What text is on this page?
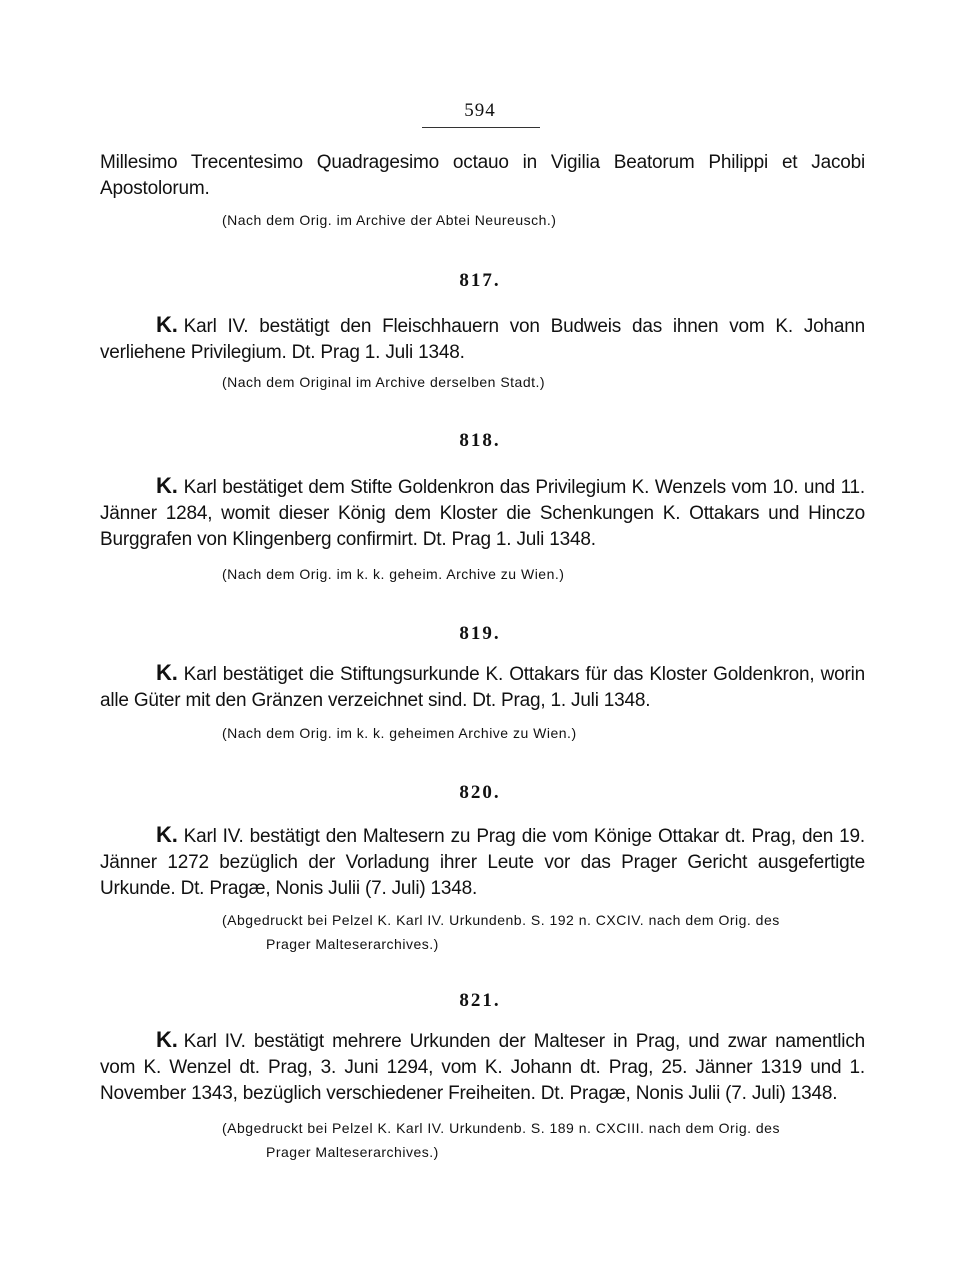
594
Millesimo Trecentesimo Quadragesimo octauo in Vigilia Beatorum Philippi et Jacobi Apostolorum.
(Nach dem Orig. im Archive der Abtei Neureusch.)
817.
K. Karl IV. bestätigt den Fleischhauern von Budweis das ihnen vom K. Johann verliehene Privilegium. Dt. Prag 1. Juli 1348.
(Nach dem Original im Archive derselben Stadt.)
818.
K. Karl bestätiget dem Stifte Goldenkron das Privilegium K. Wenzels vom 10. und 11. Jänner 1284, womit dieser König dem Kloster die Schenkungen K. Ottakars und Hinczo Burggrafen von Klingenberg confirmirt. Dt. Prag 1. Juli 1348.
(Nach dem Orig. im k. k. geheim. Archive zu Wien.)
819.
K. Karl bestätiget die Stiftungsurkunde K. Ottakars für das Kloster Goldenkron, worin alle Güter mit den Gränzen verzeichnet sind. Dt. Prag, 1. Juli 1348.
(Nach dem Orig. im k. k. geheimen Archive zu Wien.)
820.
K. Karl IV. bestätigt den Maltesern zu Prag die vom Könige Ottakar dt. Prag, den 19. Jänner 1272 bezüglich der Vorladung ihrer Leute vor das Prager Gericht ausgefertigte Urkunde. Dt. Pragæ, Nonis Julii (7. Juli) 1348.
(Abgedruckt bei Pelzel K. Karl IV. Urkundenb. S. 192 n. CXCIV. nach dem Orig. des
Prager Malteserarchives.)
821.
K. Karl IV. bestätigt mehrere Urkunden der Malteser in Prag, und zwar namentlich vom K. Wenzel dt. Prag, 3. Juni 1294, vom K. Johann dt. Prag, 25. Jänner 1319 und 1. November 1343, bezüglich verschiedener Freiheiten. Dt. Pragæ, Nonis Julii (7. Juli) 1348.
(Abgedruckt bei Pelzel K. Karl IV. Urkundenb. S. 189 n. CXCIII. nach dem Orig. des
Prager Malteserarchives.)
